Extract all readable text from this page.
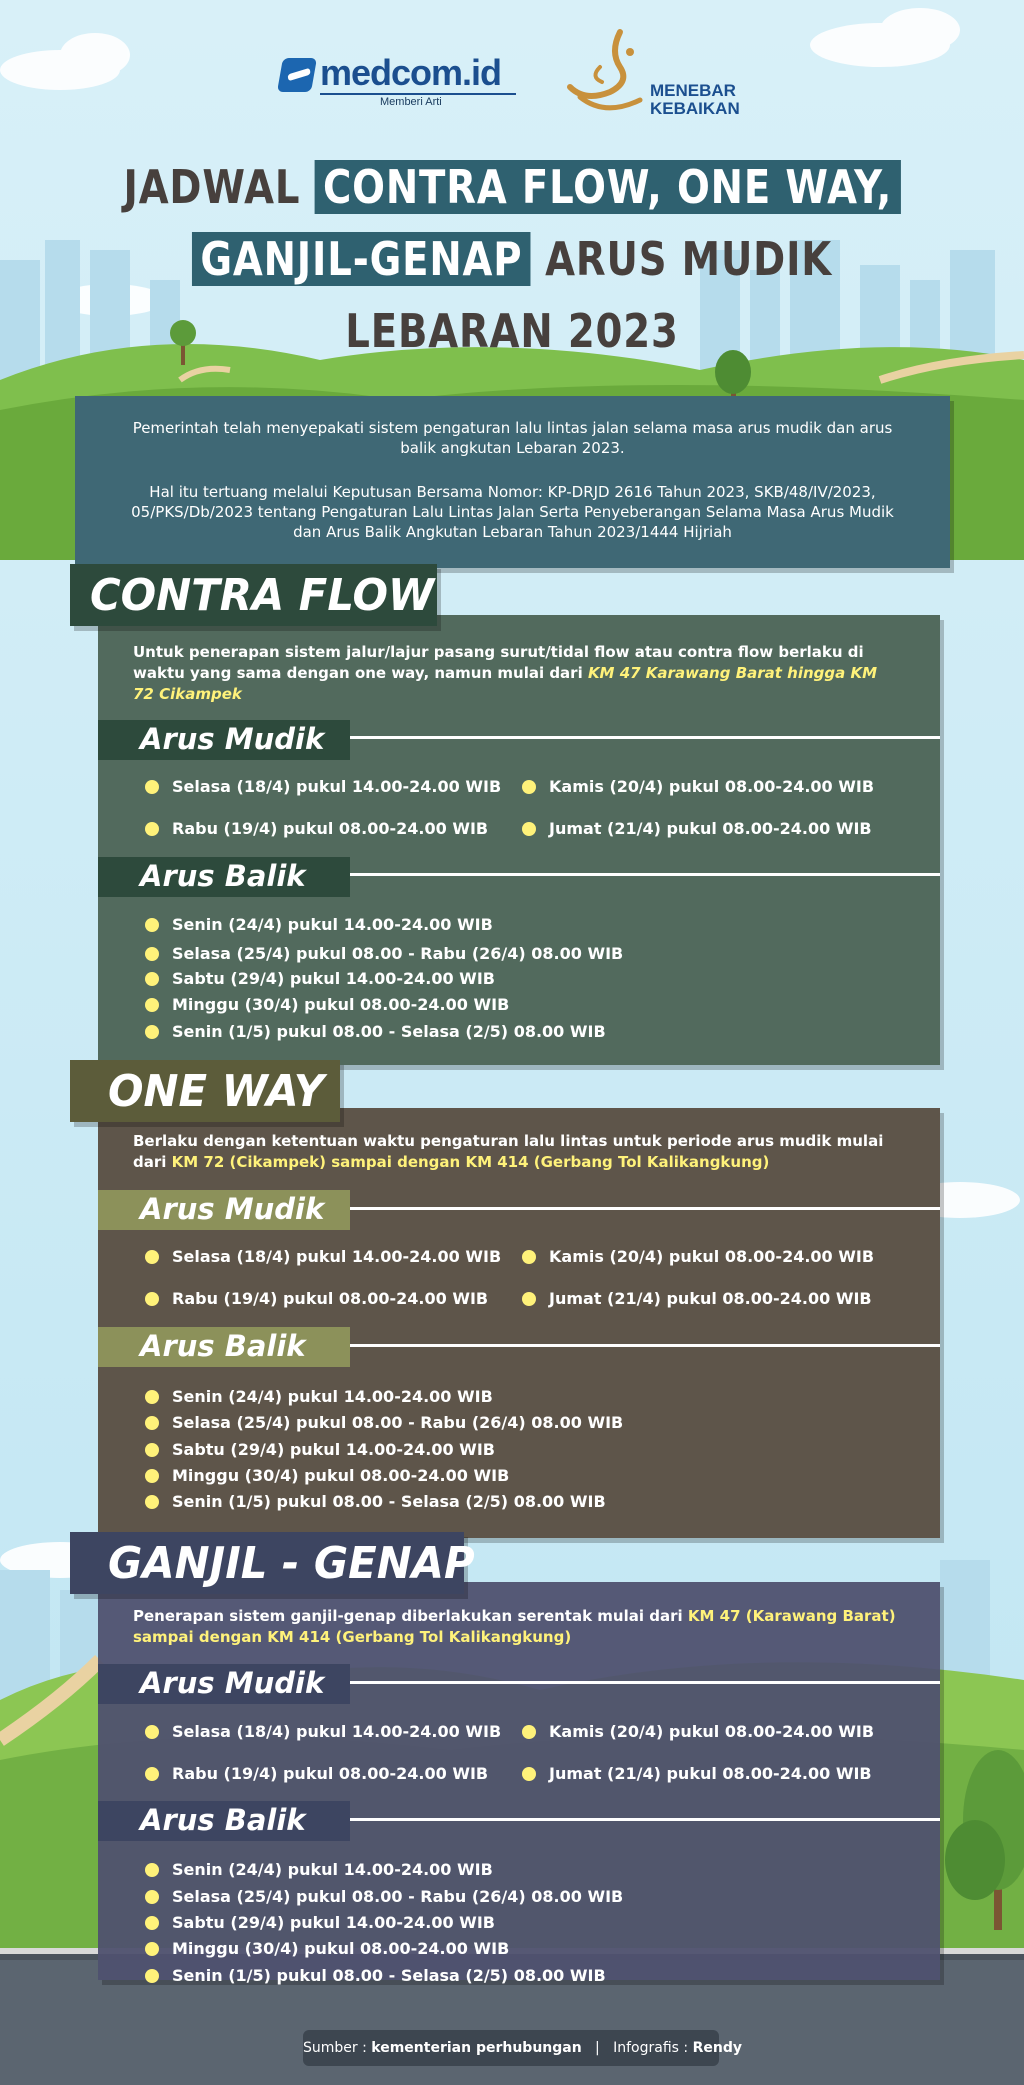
medcom.id
Memberi Arti
MENEBAR
KEBAIKAN
JADWAL CONTRA FLOW, ONE WAY,
GANJIL-GENAP ARUS MUDIK
LEBARAN 2023

Pemerintah telah menyepakati sistem pengaturan lalu lintas jalan selama masa arus mudik dan arus balik angkutan Lebaran 2023.

Hal itu tertuang melalui Keputusan Bersama Nomor: KP-DRJD 2616 Tahun 2023, SKB/48/IV/2023, 05/PKS/Db/2023 tentang Pengaturan Lalu Lintas Jalan Serta Penyeberangan Selama Masa Arus Mudik dan Arus Balik Angkutan Lebaran Tahun 2023/1444 Hijriah

CONTRA FLOW
Untuk penerapan sistem jalur/lajur pasang surut/tidal flow atau contra flow berlaku di waktu yang sama dengan one way, namun mulai dari KM 47 Karawang Barat hingga KM 72 Cikampek
Arus Mudik
Selasa (18/4) pukul 14.00-24.00 WIB	Kamis (20/4) pukul 08.00-24.00 WIB
Rabu (19/4) pukul 08.00-24.00 WIB	Jumat (21/4) pukul 08.00-24.00 WIB
Arus Balik
Senin (24/4) pukul 14.00-24.00 WIB
Selasa (25/4) pukul 08.00 - Rabu (26/4) 08.00 WIB
Sabtu (29/4) pukul 14.00-24.00 WIB
Minggu (30/4) pukul 08.00-24.00 WIB
Senin (1/5) pukul 08.00 - Selasa (2/5) 08.00 WIB
ONE WAY
Berlaku dengan ketentuan waktu pengaturan lalu lintas untuk periode arus mudik mulai dari KM 72 (Cikampek) sampai dengan KM 414 (Gerbang Tol Kalikangkung)
Arus Mudik
Selasa (18/4) pukul 14.00-24.00 WIB	Kamis (20/4) pukul 08.00-24.00 WIB
Rabu (19/4) pukul 08.00-24.00 WIB	Jumat (21/4) pukul 08.00-24.00 WIB
Arus Balik
Senin (24/4) pukul 14.00-24.00 WIB
Selasa (25/4) pukul 08.00 - Rabu (26/4) 08.00 WIB
Sabtu (29/4) pukul 14.00-24.00 WIB
Minggu (30/4) pukul 08.00-24.00 WIB
Senin (1/5) pukul 08.00 - Selasa (2/5) 08.00 WIB
GANJIL - GENAP
Penerapan sistem ganjil-genap diberlakukan serentak mulai dari KM 47 (Karawang Barat) sampai dengan KM 414 (Gerbang Tol Kalikangkung)
Arus Mudik
Selasa (18/4) pukul 14.00-24.00 WIB	Kamis (20/4) pukul 08.00-24.00 WIB
Rabu (19/4) pukul 08.00-24.00 WIB	Jumat (21/4) pukul 08.00-24.00 WIB
Arus Balik
Senin (24/4) pukul 14.00-24.00 WIB
Selasa (25/4) pukul 08.00 - Rabu (26/4) 08.00 WIB
Sabtu (29/4) pukul 14.00-24.00 WIB
Minggu (30/4) pukul 08.00-24.00 WIB
Senin (1/5) pukul 08.00 - Selasa (2/5) 08.00 WIB
Sumber : kementerian perhubungan | Infografis : Rendy
